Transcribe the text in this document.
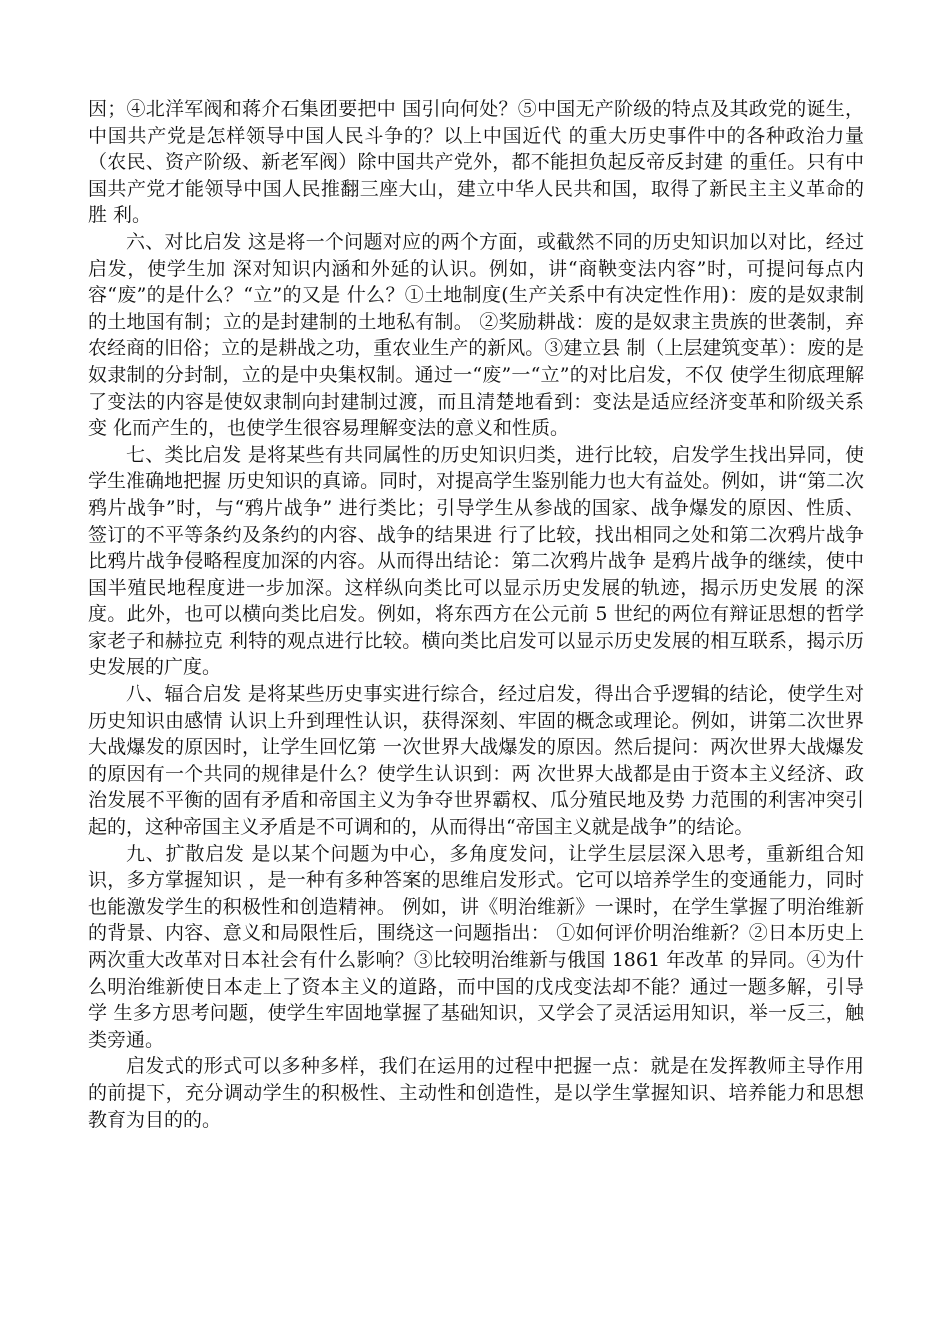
因；④北洋军阀和蒋介石集团要把中 国引向何处？⑤中国无产阶级的特点及其政党的诞生，中国共产党是怎样领导中国人民斗争的？以上中国近代 的重大历史事件中的各种政治力量（农民、资产阶级、新老军阀）除中国共产党外，都不能担负起反帝反封建 的重任。只有中国共产党才能领导中国人民推翻三座大山，建立中华人民共和国，取得了新民主主义革命的胜 利。

六、对比启发 这是将一个问题对应的两个方面，或截然不同的历史知识加以对比，经过启发，使学生加 深对知识内涵和外延的认识。例如，讲“商鞅变法内容”时，可提问每点内容“废”的是什么？“立”的又是 什么？①土地制度(生产关系中有决定性作用)：废的是奴隶制的土地国有制；立的是封建制的土地私有制。 ②奖励耕战：废的是奴隶主贵族的世袭制，弃农经商的旧俗；立的是耕战之功，重农业生产的新风。③建立县 制（上层建筑变革）：废的是奴隶制的分封制，立的是中央集权制。通过一“废”一“立”的对比启发，不仅 使学生彻底理解了变法的内容是使奴隶制向封建制过渡，而且清楚地看到：变法是适应经济变革和阶级关系变 化而产生的，也使学生很容易理解变法的意义和性质。

七、类比启发 是将某些有共同属性的历史知识归类，进行比较，启发学生找出异同，使学生准确地把握 历史知识的真谛。同时，对提高学生鉴别能力也大有益处。例如，讲“第二次鸦片战争”时，与“鸦片战争” 进行类比；引导学生从参战的国家、战争爆发的原因、性质、签订的不平等条约及条约的内容、战争的结果进 行了比较，找出相同之处和第二次鸦片战争比鸦片战争侵略程度加深的内容。从而得出结论：第二次鸦片战争 是鸦片战争的继续，使中国半殖民地程度进一步加深。这样纵向类比可以显示历史发展的轨迹，揭示历史发展 的深度。此外，也可以横向类比启发。例如，将东西方在公元前 5 世纪的两位有辩证思想的哲学家老子和赫拉克 利特的观点进行比较。横向类比启发可以显示历史发展的相互联系，揭示历史发展的广度。

八、辐合启发 是将某些历史事实进行综合，经过启发，得出合乎逻辑的结论，使学生对历史知识由感情 认识上升到理性认识，获得深刻、牢固的概念或理论。例如，讲第二次世界大战爆发的原因时，让学生回忆第 一次世界大战爆发的原因。然后提问：两次世界大战爆发的原因有一个共同的规律是什么？使学生认识到：两 次世界大战都是由于资本主义经济、政治发展不平衡的固有矛盾和帝国主义为争夺世界霸权、瓜分殖民地及势 力范围的利害冲突引起的，这种帝国主义矛盾是不可调和的，从而得出“帝国主义就是战争”的结论。

九、扩散启发 是以某个问题为中心，多角度发问，让学生层层深入思考，重新组合知识，多方掌握知识 ，是一种有多种答案的思维启发形式。它可以培养学生的变通能力，同时也能激发学生的积极性和创造精神。 例如，讲《明治维新》一课时，在学生掌握了明治维新的背景、内容、意义和局限性后，围绕这一问题指出： ①如何评价明治维新？②日本历史上两次重大改革对日本社会有什么影响？③比较明治维新与俄国 1861 年改革 的异同。④为什么明治维新使日本走上了资本主义的道路，而中国的戊戌变法却不能？通过一题多解，引导学 生多方思考问题，使学生牢固地掌握了基础知识，又学会了灵活运用知识，举一反三，触类旁通。

启发式的形式可以多种多样，我们在运用的过程中把握一点：就是在发挥教师主导作用的前提下，充分调动学生的积极性、主动性和创造性，是以学生掌握知识、培养能力和思想教育为目的的。
